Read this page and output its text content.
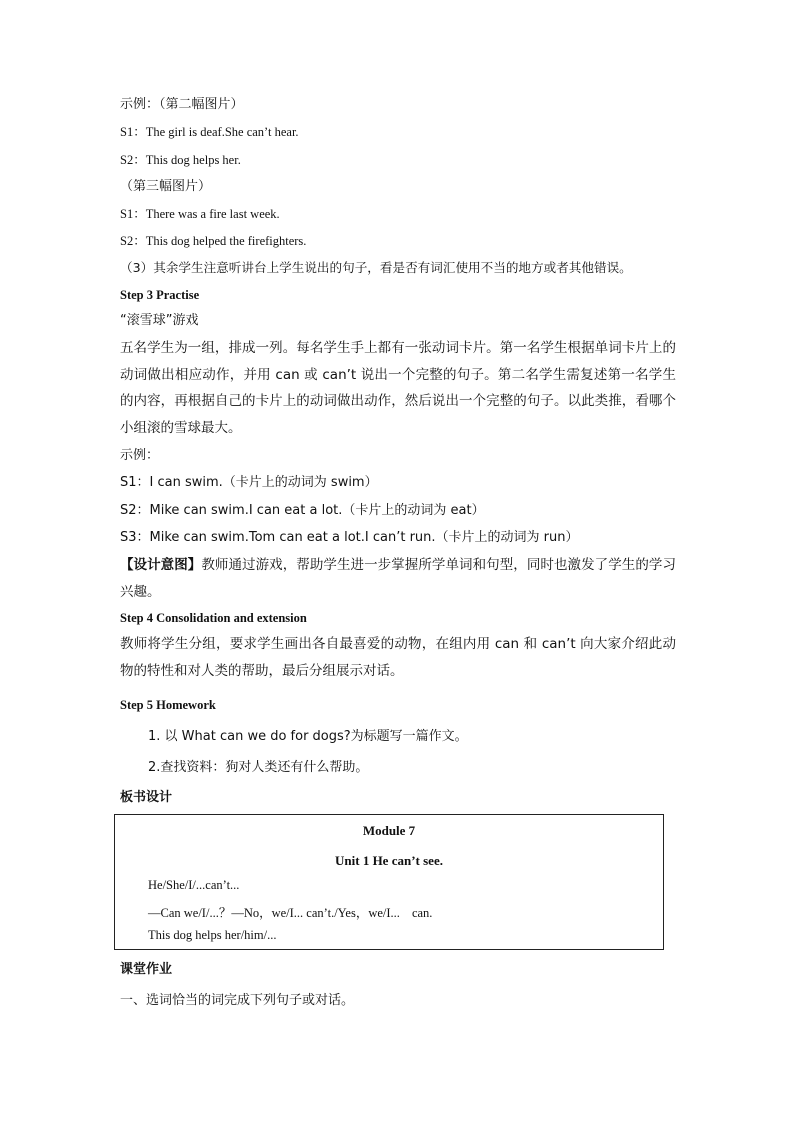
示例：（第二幅图片）
S1：The girl is deaf.She can’t hear.
S2：This dog helps her.
（第三幅图片）
S1：There was a fire last week.
S2：This dog helped the firefighters.
（3）其余学生注意听讲台上学生说出的句子，看是否有词汇使用不当的地方或者其他错误。
Step 3 Practise
“滚雪球”游戏
五名学生为一组，排成一列。每名学生手上都有一张动词卡片。第一名学生根据单词卡片上的动词做出相应动作，并用 can 或 can’t 说出一个完整的句子。第二名学生需复述第一名学生的内容，再根据自己的卡片上的动词做出动作，然后说出一个完整的句子。以此类推，看哪个小组滚的雪球最大。
示例：
S1：I can swim.（卡片上的动词为 swim）
S2：Mike can swim.I can eat a lot.（卡片上的动词为 eat）
S3：Mike can swim.Tom can eat a lot.I can’t run.（卡片上的动词为 run）
【设计意图】教师通过游戏，帮助学生进一步掌握所学单词和句型，同时也激发了学生的学习兴趣。
Step 4 Consolidation and extension
教师将学生分组，要求学生画出各自最喜爱的动物，在组内用 can 和 can’t 向大家介绍此动物的特性和对人类的帮助，最后分组展示对话。
Step 5 Homework
1. 以 What can we do for dogs?为标题写一篇作文。
2.查找资料：狗对人类还有什么帮助。
板书设计
Module 7
Unit 1 He can’t see.
He/She/I/...can’t...
—Can we/I/...？—No，we/I... can’t./Yes，we/I... can.
This dog helps her/him/...
课堂作业
一、选词恰当的词完成下列句子或对话。
